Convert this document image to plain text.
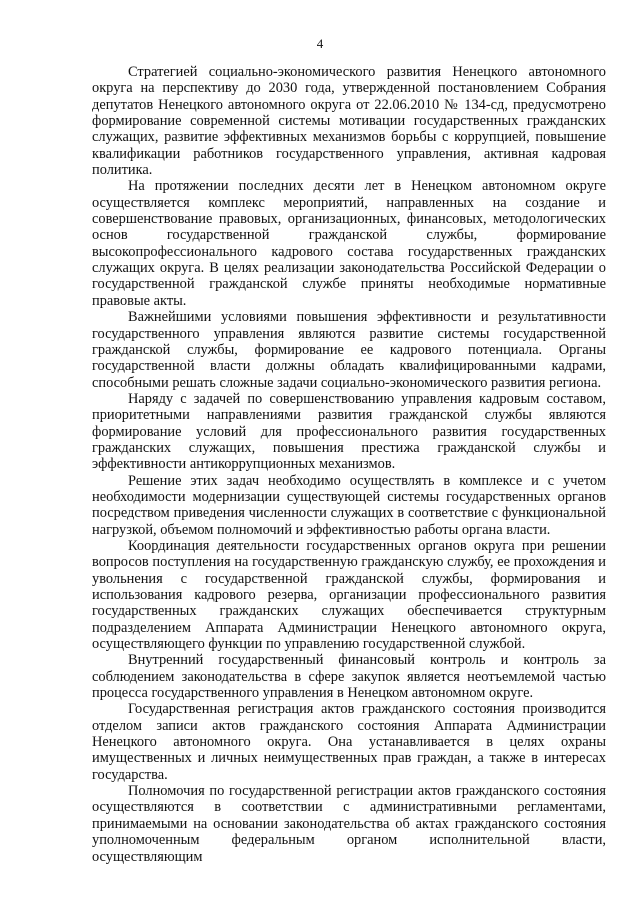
4

Стратегией социально-экономического развития Ненецкого автономного округа на перспективу до 2030 года, утвержденной постановлением Собрания депутатов Ненецкого автономного округа от 22.06.2010 № 134-сд, предусмотрено формирование современной системы мотивации государственных гражданских служащих, развитие эффективных механизмов борьбы с коррупцией, повышение квалификации работников государственного управления, активная кадровая политика.

На протяжении последних десяти лет в Ненецком автономном округе осуществляется комплекс мероприятий, направленных на создание и совершенствование правовых, организационных, финансовых, методологических основ государственной гражданской службы, формирование высокопрофессионального кадрового состава государственных гражданских служащих округа. В целях реализации законодательства Российской Федерации о государственной гражданской службе приняты необходимые нормативные правовые акты.

Важнейшими условиями повышения эффективности и результативности государственного управления являются развитие системы государственной гражданской службы, формирование ее кадрового потенциала. Органы государственной власти должны обладать квалифицированными кадрами, способными решать сложные задачи социально-экономического развития региона.

Наряду с задачей по совершенствованию управления кадровым составом, приоритетными направлениями развития гражданской службы являются формирование условий для профессионального развития государственных гражданских служащих, повышения престижа гражданской службы и эффективности антикоррупционных механизмов.

Решение этих задач необходимо осуществлять в комплексе и с учетом необходимости модернизации существующей системы государственных органов посредством приведения численности служащих в соответствие с функциональной нагрузкой, объемом полномочий и эффективностью работы органа власти.

Координация деятельности государственных органов округа при решении вопросов поступления на государственную гражданскую службу, ее прохождения и увольнения с государственной гражданской службы, формирования и использования кадрового резерва, организации профессионального развития государственных гражданских служащих обеспечивается структурным подразделением Аппарата Администрации Ненецкого автономного округа, осуществляющего функции по управлению государственной службой.

Внутренний государственный финансовый контроль и контроль за соблюдением законодательства в сфере закупок является неотъемлемой частью процесса государственного управления в Ненецком автономном округе.

Государственная регистрация актов гражданского состояния производится отделом записи актов гражданского состояния Аппарата Администрации Ненецкого автономного округа. Она устанавливается в целях охраны имущественных и личных неимущественных прав граждан, а также в интересах государства.

Полномочия по государственной регистрации актов гражданского состояния осуществляются в соответствии с административными регламентами, принимаемыми на основании законодательства об актах гражданского состояния уполномоченным федеральным органом исполнительной власти, осуществляющим
